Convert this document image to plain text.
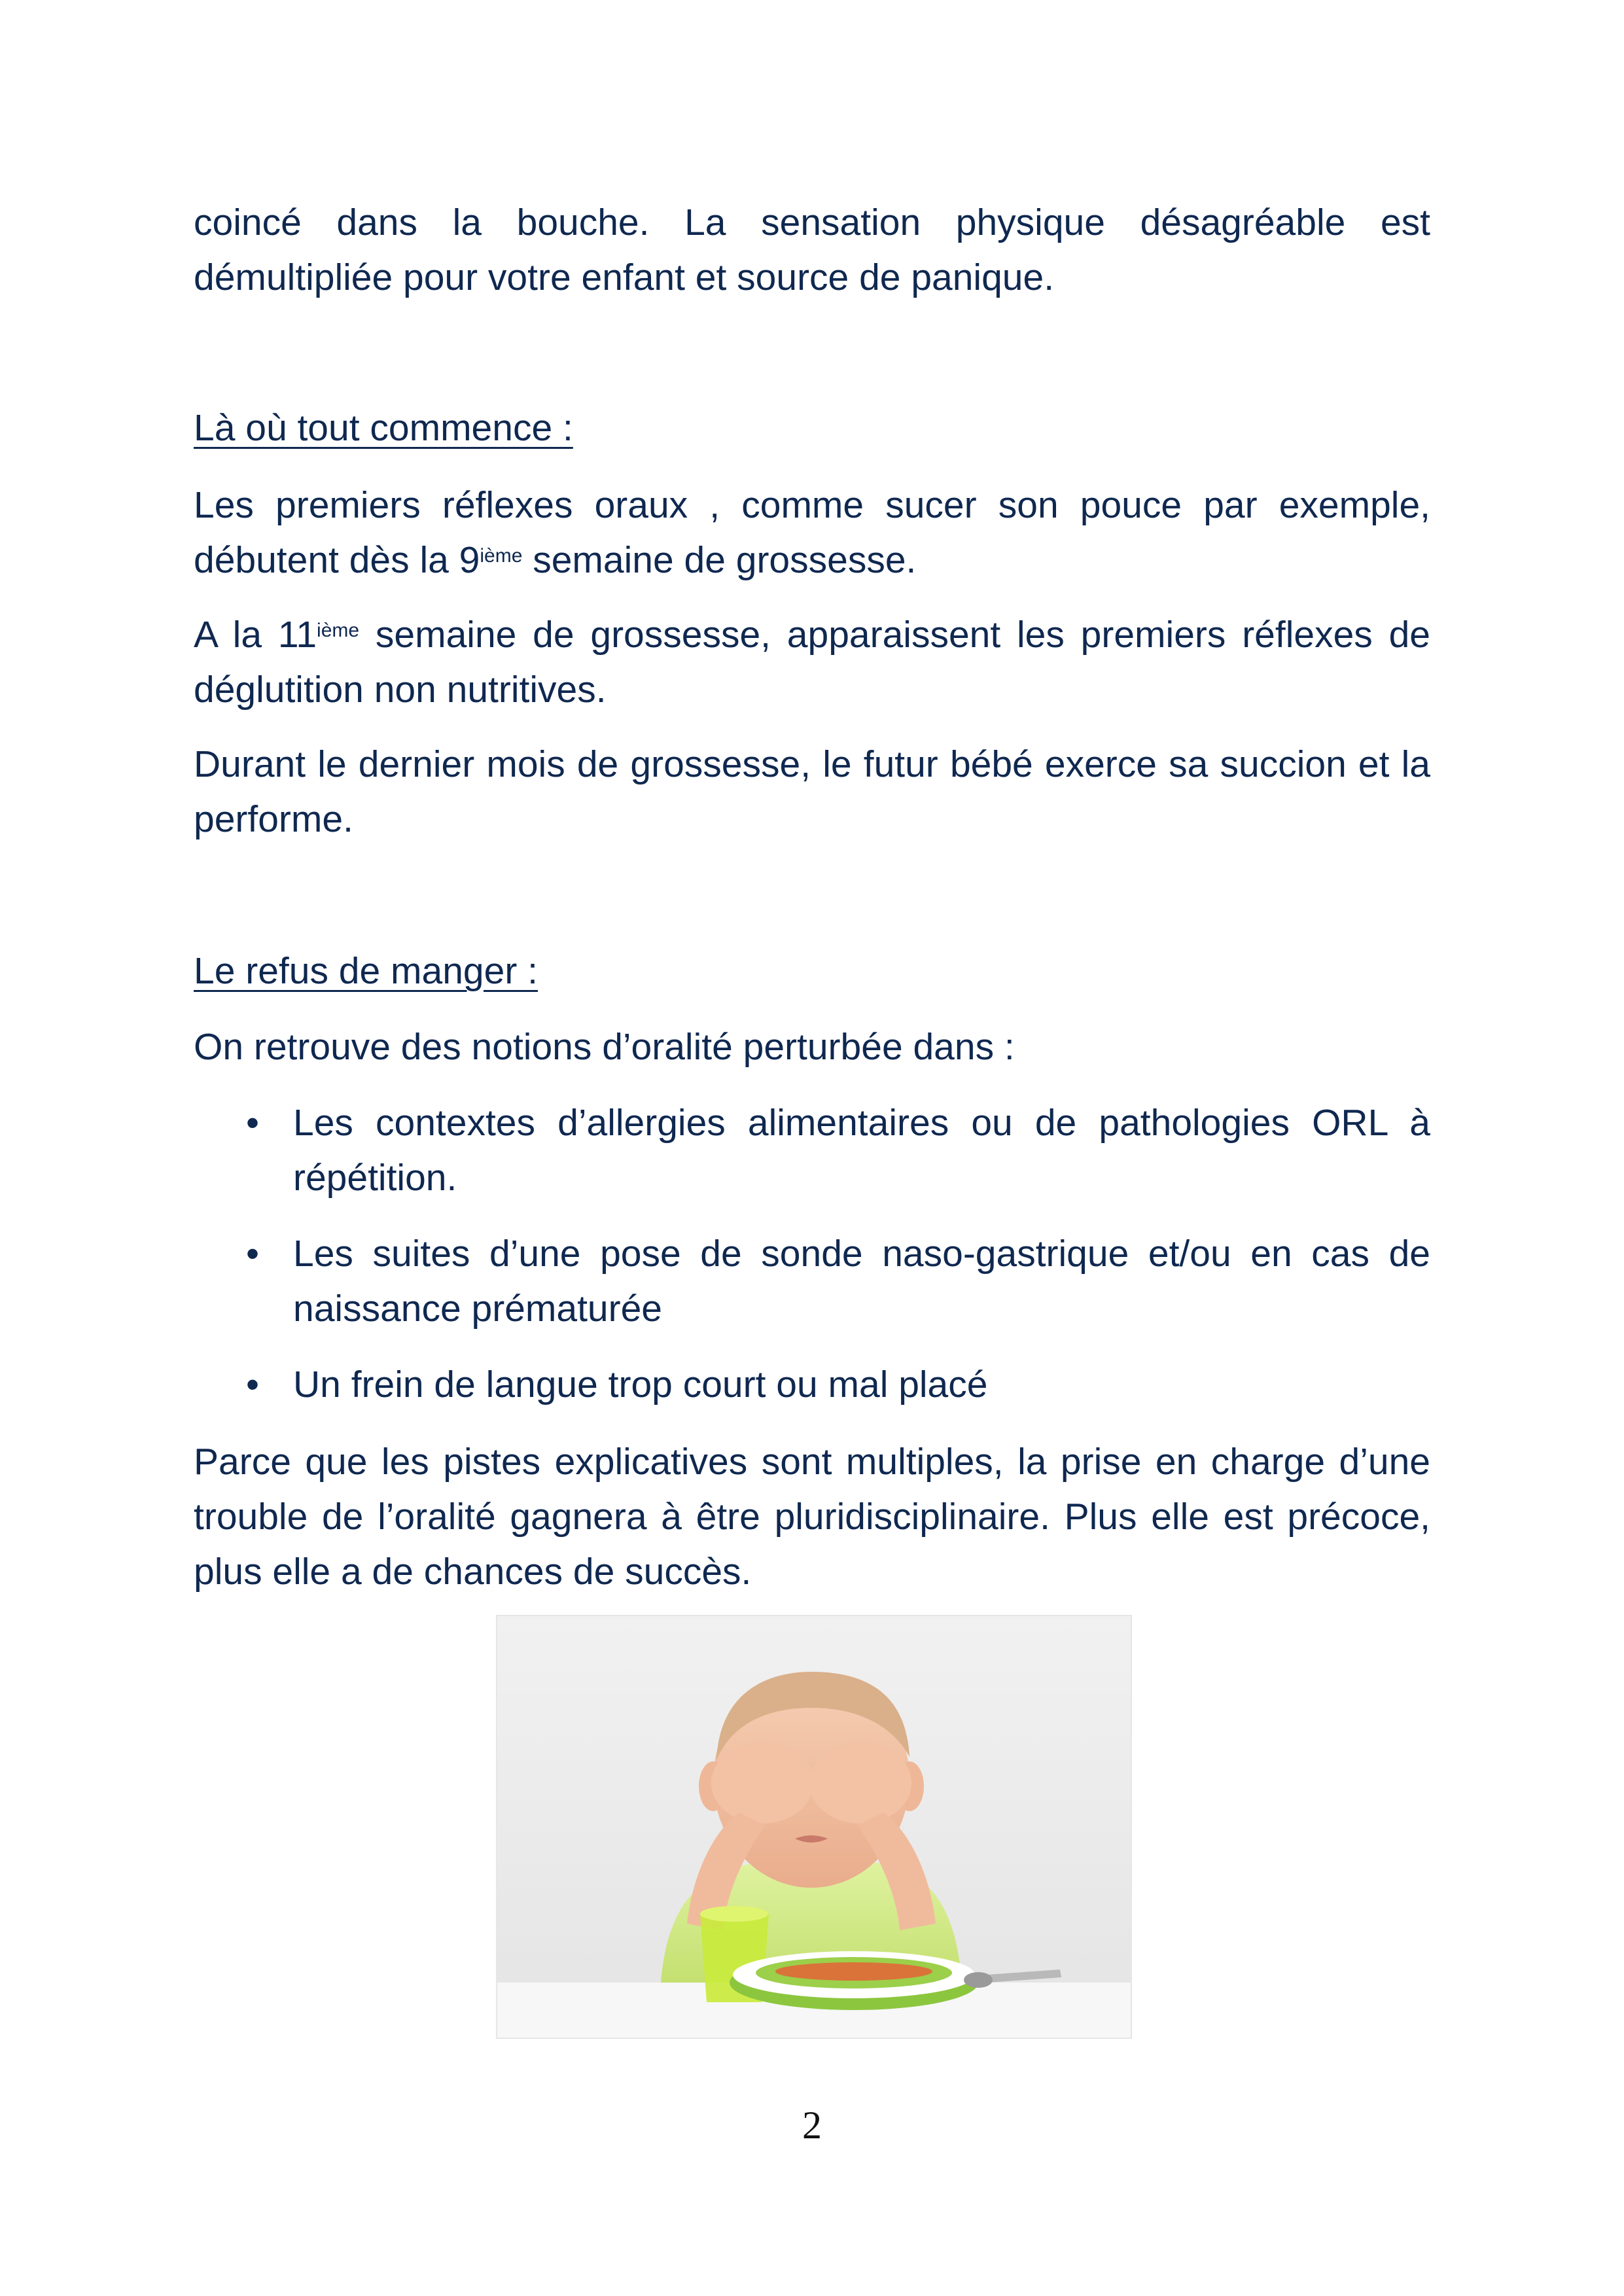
coincé dans la bouche. La sensation physique désagréable est démultipliée pour votre enfant et source de panique.

Là où tout commence :

Les premiers réflexes oraux , comme sucer son pouce par exemple, débutent dès la 9ième semaine de grossesse.

A la 11ième semaine de grossesse, apparaissent les premiers réflexes de déglutition non nutritives.

Durant le dernier mois de grossesse, le futur bébé exerce sa succion et la performe.

Le refus de manger :

On retrouve des notions d’oralité perturbée dans :

• Les contextes d’allergies alimentaires ou de pathologies ORL à répétition.
• Les suites d’une pose de sonde naso-gastrique et/ou en cas de naissance prématurée
• Un frein de langue trop court ou mal placé

Parce que les pistes explicatives sont multiples, la prise en charge d’une trouble de l’oralité gagnera à être pluridisciplinaire. Plus elle est précoce, plus elle a de chances de succès.

2
